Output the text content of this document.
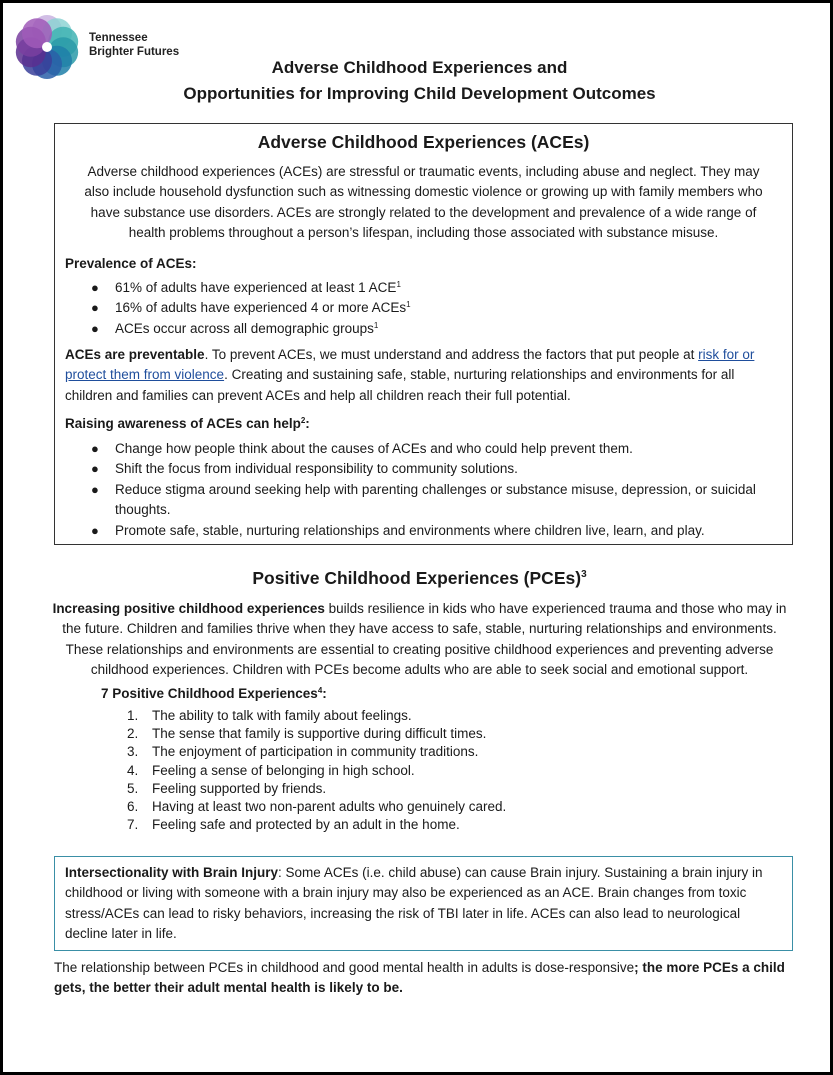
Tennessee
Brighter Futures
Adverse Childhood Experiences and
Opportunities for Improving Child Development Outcomes
Adverse Childhood Experiences (ACEs)

Adverse childhood experiences (ACEs) are stressful or traumatic events, including abuse and neglect. They may

also include household dysfunction such as witnessing domestic violence or growing up with family members who

have substance use disorders. ACEs are strongly related to the development and prevalence of a wide range of

health problems throughout a person’s lifespan, including those associated with substance misuse.

Prevalence of ACEs:

● 61% of adults have experienced at least 1 ACE$^1$
● 16% of adults have experienced 4 or more ACEs$^1$
● ACEs occur across all demographic groups$^1$

ACEs are preventable. To prevent ACEs, we must understand and address the factors that put people at risk for or protect them from violence. Creating and sustaining safe, stable, nurturing relationships and environments for all children and families can prevent ACEs and help all children reach their full potential.

Raising awareness of ACEs can help$^2$:

● Change how people think about the causes of ACEs and who could help prevent them.
● Shift the focus from individual responsibility to community solutions.
● Reduce stigma around seeking help with parenting challenges or substance misuse, depression, or suicidal thoughts.
● Promote safe, stable, nurturing relationships and environments where children live, learn, and play.
Positive Childhood Experiences (PCEs)$^3$

Increasing positive childhood experiences builds resilience in kids who have experienced trauma and those who may in the future. Children and families thrive when they have access to safe, stable, nurturing relationships and environments. These relationships and environments are essential to creating positive childhood experiences and preventing adverse childhood experiences. Children with PCEs become adults who are able to seek social and emotional support.

7 Positive Childhood Experiences$^4$:

1. The ability to talk with family about feelings.
2. The sense that family is supportive during difficult times.
3. The enjoyment of participation in community traditions.
4. Feeling a sense of belonging in high school.
5. Feeling supported by friends.
6. Having at least two non-parent adults who genuinely cared.
7. Feeling safe and protected by an adult in the home.
Intersectionality with Brain Injury: Some ACEs (i.e. child abuse) can cause Brain injury. Sustaining a brain injury in childhood or living with someone with a brain injury may also be experienced as an ACE. Brain changes from toxic stress/ACEs can lead to risky behaviors, increasing the risk of TBI later in life. ACEs can also lead to neurological decline later in life.

The relationship between PCEs in childhood and good mental health in adults is dose-responsive; the more PCEs a child gets, the better their adult mental health is likely to be.
